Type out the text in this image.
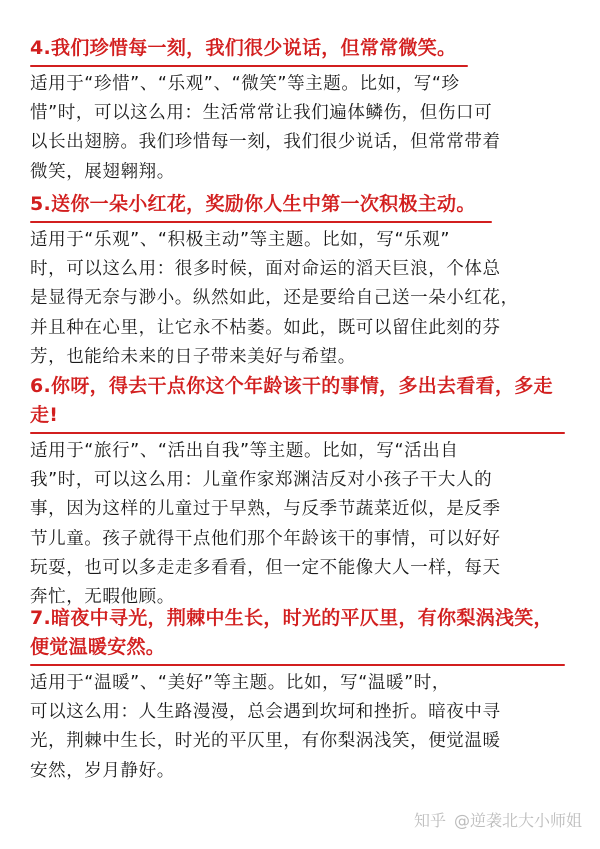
4.我们珍惜每一刻，我们很少说话，但常常微笑。
适用于“珍惜”、“乐观”、“微笑”等主题。比如，写“珍
惜”时，可以这么用：生活常常让我们遍体鳞伤，但伤口可
以长出翅膀。我们珍惜每一刻，我们很少说话，但常常带着
微笑，展翅翱翔。
5.送你一朵小红花，奖励你人生中第一次积极主动。
适用于“乐观”、“积极主动”等主题。比如，写“乐观”
时，可以这么用：很多时候，面对命运的滔天巨浪，个体总
是显得无奈与渺小。纵然如此，还是要给自己送一朵小红花，
并且种在心里，让它永不枯萎。如此，既可以留住此刻的芬
芳，也能给未来的日子带来美好与希望。
6.你呀，得去干点你这个年龄该干的事情，多出去看看，多走
走!
适用于“旅行”、“活出自我”等主题。比如，写“活出自
我”时，可以这么用：儿童作家郑渊洁反对小孩子干大人的
事，因为这样的儿童过于早熟，与反季节蔬菜近似，是反季
节儿童。孩子就得干点他们那个年龄该干的事情，可以好好
玩耍，也可以多走走多看看，但一定不能像大人一样，每天
奔忙，无暇他顾。
7.暗夜中寻光，荆棘中生长，时光的平仄里，有你梨涡浅笑，
便觉温暖安然。
适用于“温暖”、“美好”等主题。比如，写“温暖”时，
可以这么用：人生路漫漫，总会遇到坎坷和挫折。暗夜中寻
光，荆棘中生长，时光的平仄里，有你梨涡浅笑，便觉温暖
安然，岁月静好。
知乎 @逆袭北大小师姐
